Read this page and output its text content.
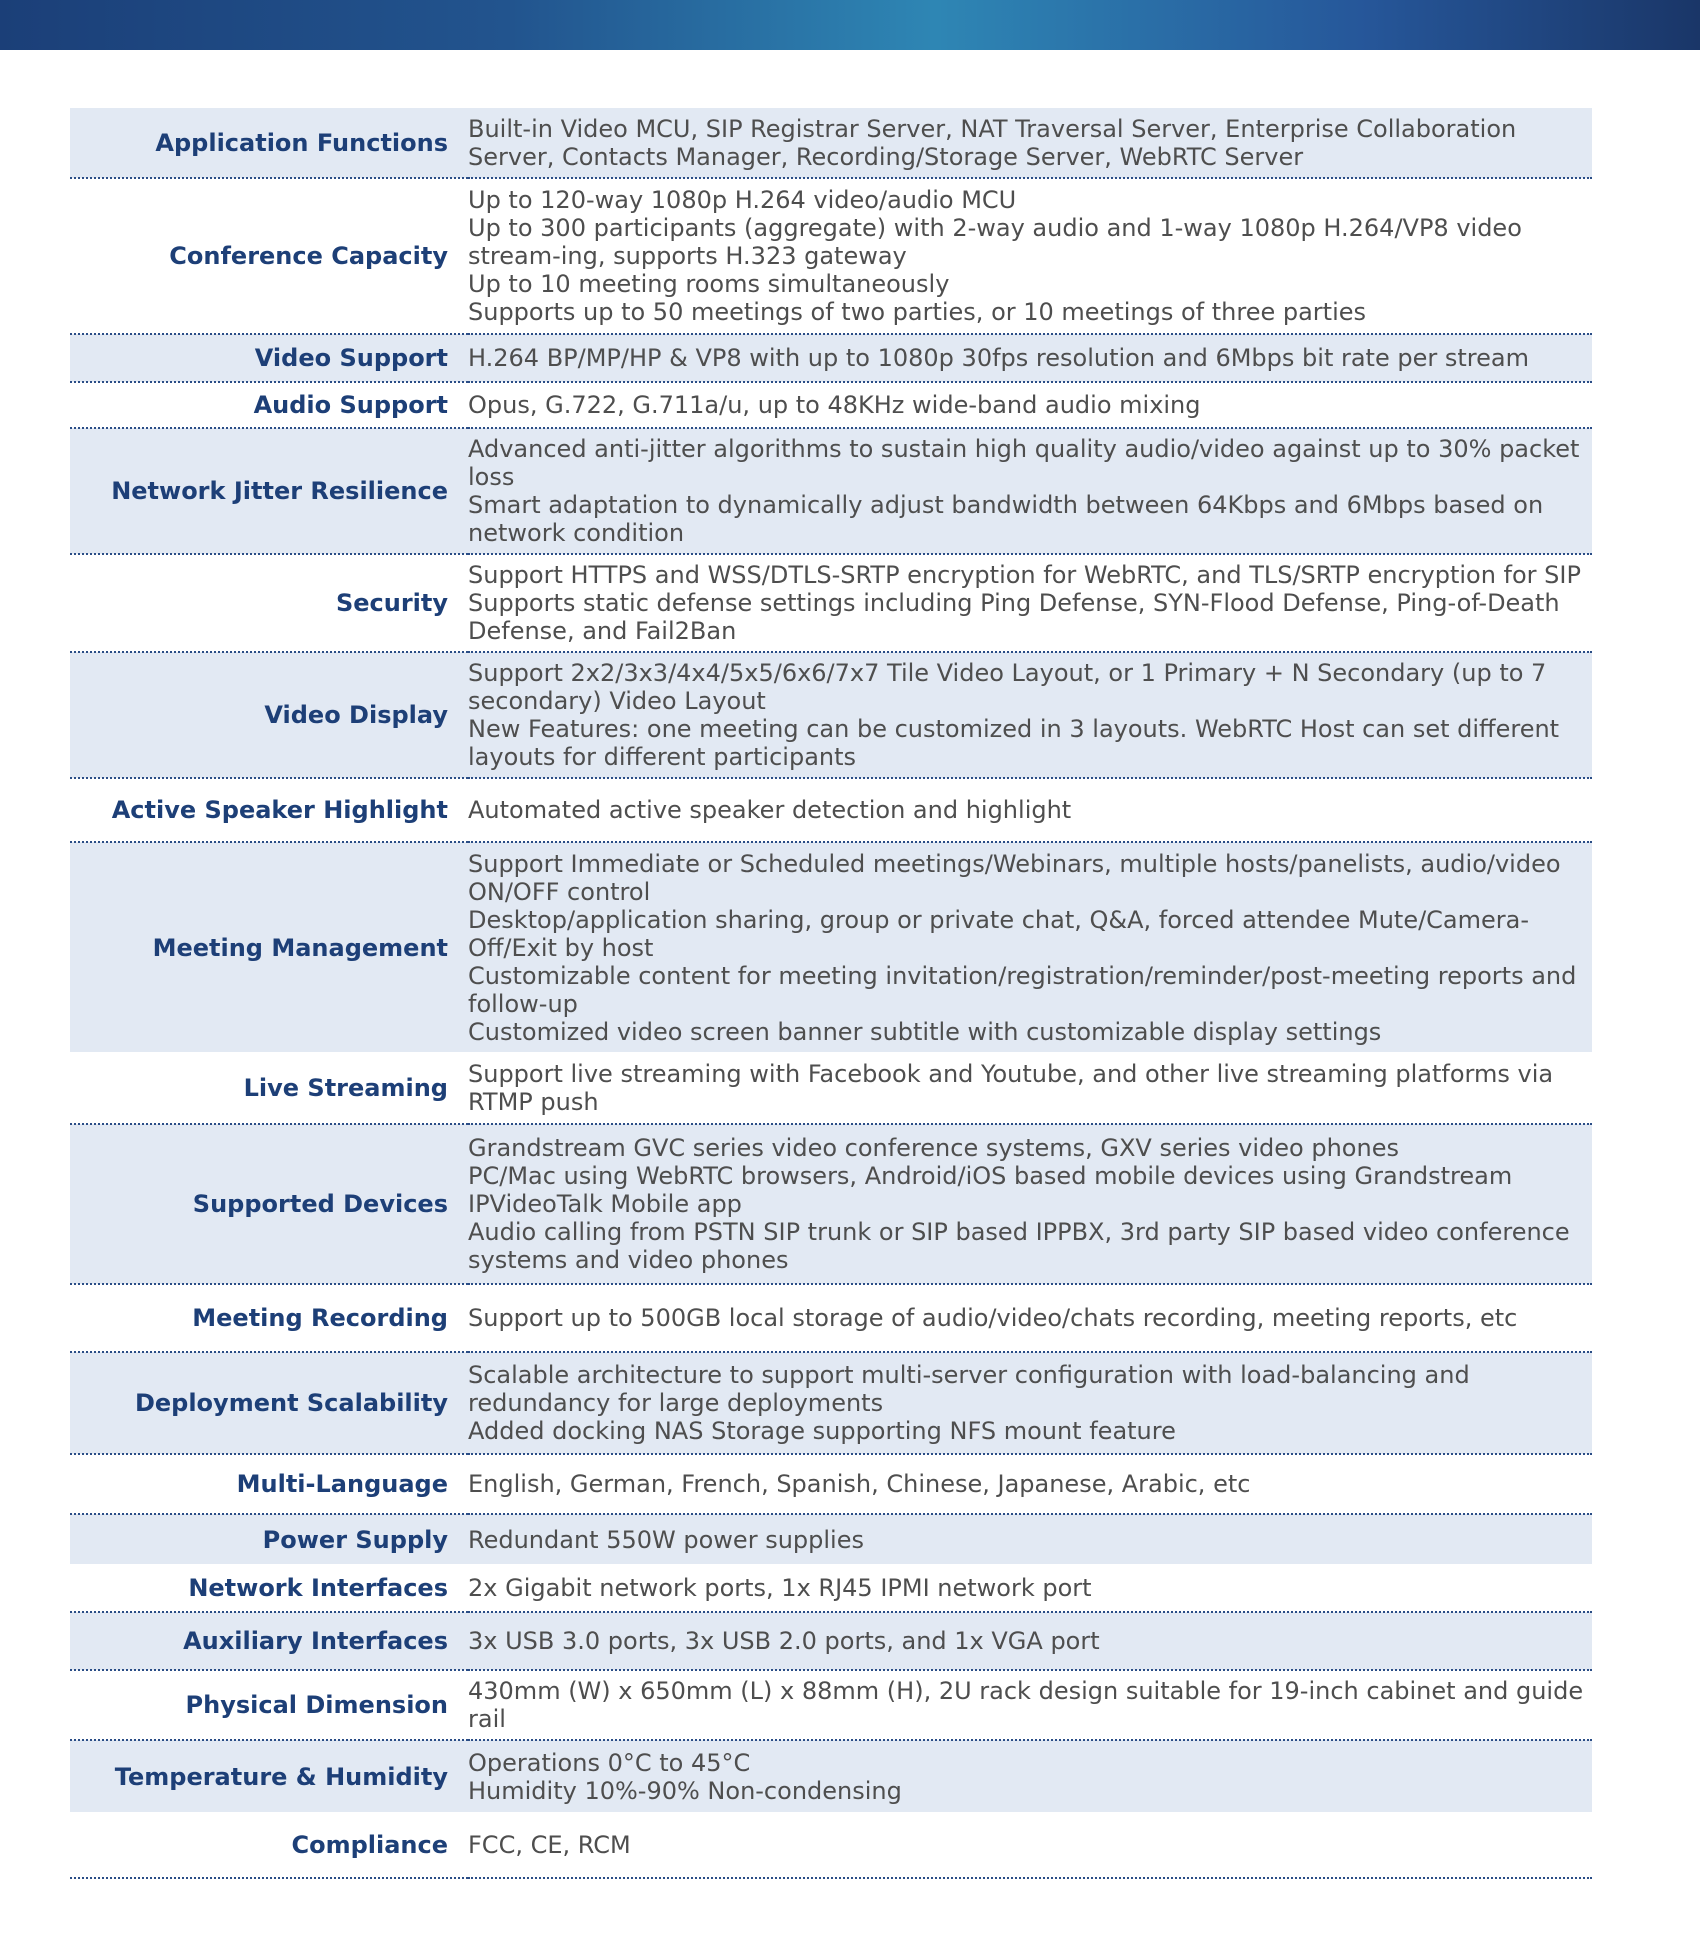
Application Functions	Built-in Video MCU, SIP Registrar Server, NAT Traversal Server, Enterprise Collaboration Server, Contacts Manager, Recording/Storage Server, WebRTC Server

Conference Capacity	Up to 120-way 1080p H.264 video/audio MCU
Up to 300 participants (aggregate) with 2-way audio and 1-way 1080p H.264/VP8 video stream-ing, supports H.323 gateway
Up to 10 meeting rooms simultaneously
Supports up to 50 meetings of two parties, or 10 meetings of three parties

Video Support	H.264 BP/MP/HP & VP8 with up to 1080p 30fps resolution and 6Mbps bit rate per stream

Audio Support	Opus, G.722, G.711a/u, up to 48KHz wide-band audio mixing

Network Jitter Resilience	Advanced anti-jitter algorithms to sustain high quality audio/video against up to 30% packet loss
Smart adaptation to dynamically adjust bandwidth between 64Kbps and 6Mbps based on network condition

Security	Support HTTPS and WSS/DTLS-SRTP encryption for WebRTC, and TLS/SRTP encryption for SIP
Supports static defense settings including Ping Defense, SYN-Flood Defense, Ping-of-Death Defense, and Fail2Ban

Video Display	Support 2x2/3x3/4x4/5x5/6x6/7x7 Tile Video Layout, or 1 Primary + N Secondary (up to 7 secondary) Video Layout
New Features: one meeting can be customized in 3 layouts. WebRTC Host can set different layouts for different participants

Active Speaker Highlight	Automated active speaker detection and highlight

Meeting Management	Support Immediate or Scheduled meetings/Webinars, multiple hosts/panelists, audio/video ON/OFF control
Desktop/application sharing, group or private chat, Q&A, forced attendee Mute/Camera-Off/Exit by host
Customizable content for meeting invitation/registration/reminder/post-meeting reports and follow-up
Customized video screen banner subtitle with customizable display settings

Live Streaming	Support live streaming with Facebook and Youtube, and other live streaming platforms via RTMP push

Supported Devices	Grandstream GVC series video conference systems, GXV series video phones
PC/Mac using WebRTC browsers, Android/iOS based mobile devices using Grandstream IPVideoTalk Mobile app
Audio calling from PSTN SIP trunk or SIP based IPPBX, 3rd party SIP based video conference systems and video phones

Meeting Recording	Support up to 500GB local storage of audio/video/chats recording, meeting reports, etc

Deployment Scalability	Scalable architecture to support multi-server configuration with load-balancing and redundancy for large deployments
Added docking NAS Storage supporting NFS mount feature

Multi-Language	English, German, French, Spanish, Chinese, Japanese, Arabic, etc

Power Supply	Redundant 550W power supplies

Network Interfaces	2x Gigabit network ports, 1x RJ45 IPMI network port

Auxiliary Interfaces	3x USB 3.0 ports, 3x USB 2.0 ports, and 1x VGA port

Physical Dimension	430mm (W) x 650mm (L) x 88mm (H), 2U rack design suitable for 19-inch cabinet and guide rail

Temperature & Humidity	Operations 0°C to 45°C
Humidity 10%-90% Non-condensing

Compliance	FCC, CE, RCM
